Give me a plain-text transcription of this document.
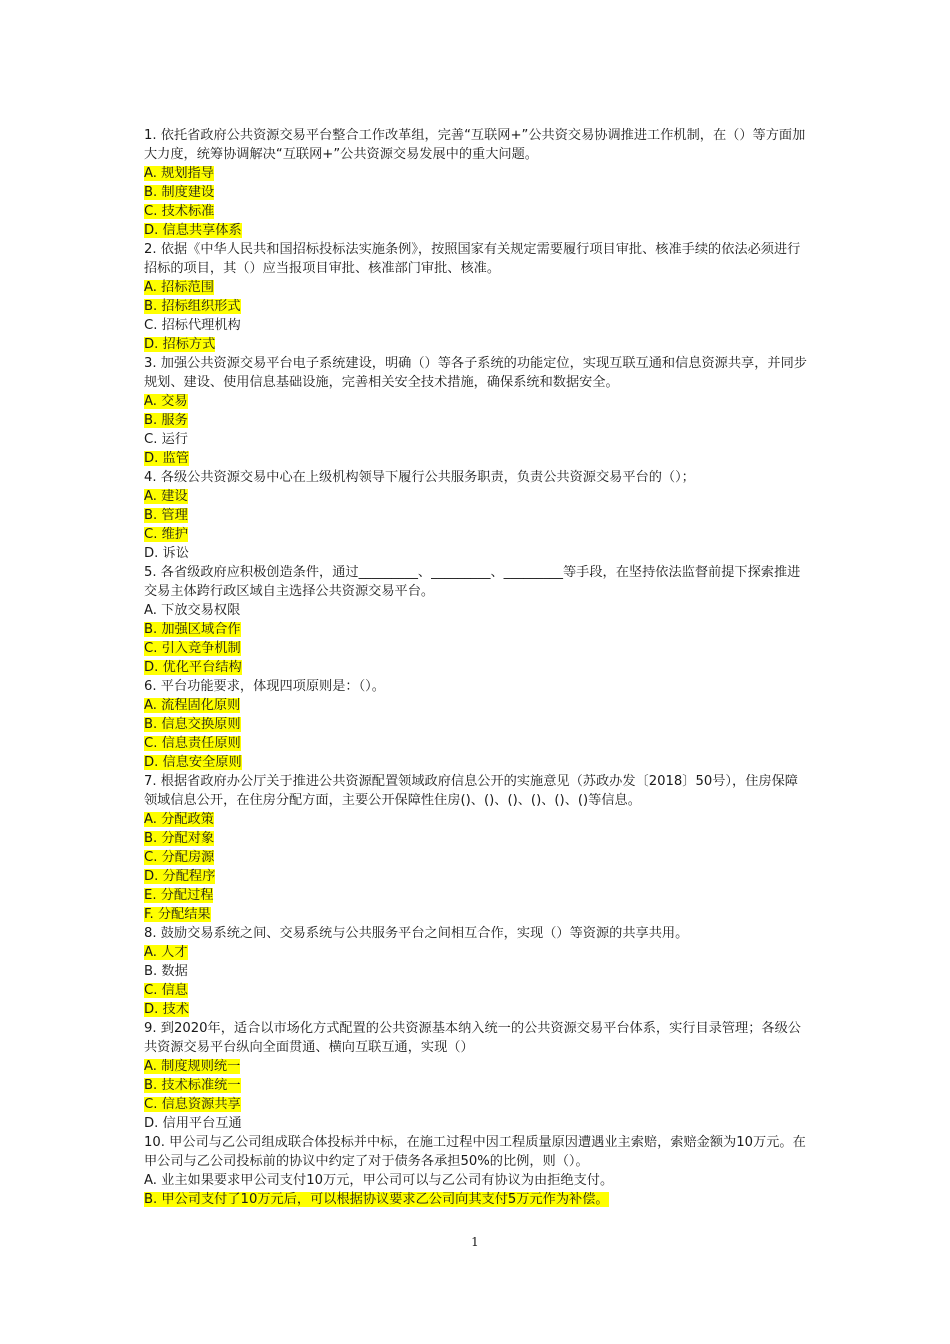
1. 依托省政府公共资源交易平台整合工作改革组，完善“互联网+”公共资交易协调推进工作机制，在（）等方面加大力度，统筹协调解决“互联网+”公共资源交易发展中的重大问题。

A. 规划指导

B. 制度建设

C. 技术标准

D. 信息共享体系

2. 依据《中华人民共和国招标投标法实施条例》，按照国家有关规定需要履行项目审批、核准手续的依法必须进行招标的项目，其（）应当报项目审批、核准部门审批、核准。

A. 招标范围

B. 招标组织形式

C. 招标代理机构

D. 招标方式

3. 加强公共资源交易平台电子系统建设，明确（）等各子系统的功能定位，实现互联互通和信息资源共享，并同步规划、建设、使用信息基础设施，完善相关安全技术措施，确保系统和数据安全。

A. 交易

B. 服务

C. 运行

D. 监管

4. 各级公共资源交易中心在上级机构领导下履行公共服务职责，负责公共资源交易平台的（）；

A. 建设

B. 管理

C. 维护

D. 诉讼

5. 各省级政府应积极创造条件，通过_________、_________、_________等手段，在坚持依法监督前提下探索推进交易主体跨行政区域自主选择公共资源交易平台。

A. 下放交易权限

B. 加强区域合作

C. 引入竞争机制

D. 优化平台结构

6. 平台功能要求，体现四项原则是：（）。

A. 流程固化原则

B. 信息交换原则

C. 信息责任原则

D. 信息安全原则

7. 根据省政府办公厅关于推进公共资源配置领域政府信息公开的实施意见（苏政办发〔2018〕50号），住房保障领域信息公开，在住房分配方面，主要公开保障性住房()、()、()、()、()、()等信息。

A. 分配政策

B. 分配对象

C. 分配房源

D. 分配程序

E. 分配过程

F. 分配结果

8. 鼓励交易系统之间、交易系统与公共服务平台之间相互合作，实现（）等资源的共享共用。

A. 人才

B. 数据

C. 信息

D. 技术

9. 到2020年，适合以市场化方式配置的公共资源基本纳入统一的公共资源交易平台体系，实行目录管理；各级公共资源交易平台纵向全面贯通、横向互联互通，实现（）

A. 制度规则统一

B. 技术标准统一

C. 信息资源共享

D. 信用平台互通

10. 甲公司与乙公司组成联合体投标并中标，在施工过程中因工程质量原因遭遇业主索赔，索赔金额为10万元。在甲公司与乙公司投标前的协议中约定了对于债务各承担50%的比例，则（）。

A. 业主如果要求甲公司支付10万元，甲公司可以与乙公司有协议为由拒绝支付。

B. 甲公司支付了10万元后，可以根据协议要求乙公司向其支付5万元作为补偿。

1
